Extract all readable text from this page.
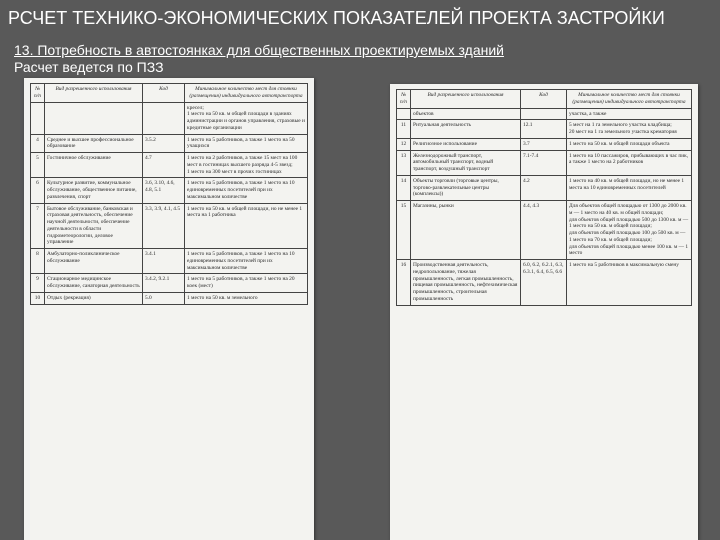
РСЧЕТ ТЕХНИКО-ЭКОНОМИЧЕСКИХ ПОКАЗАТЕЛЕЙ ПРОЕКТА ЗАСТРОЙКИ
13. Потребность в автостоянках для общественных проектируемых зданий
Расчет ведется по ПЗЗ
№ п/п	Вид разрешенного использования	Код	Минимальное количество мест для стоянки (размещения) индивидуального автотранспорта
			кресел;
1 место на 50 кв. м общей площади в зданиях администрации и органов управления, страховые и кредитные организации
4	Среднее и высшее профессиональное образование	3.5.2	1 место на 5 работников, а также 1 место на 50 учащихся
5	Гостиничное обслуживание	4.7	1 место на 2 работников, а также 15 мест на 100 мест в гостиницах высшего разряда 4-5 звезд;
1 место на 300 мест в прочих гостиницах
6	Культурное развитие, коммунальное обслуживание, общественное питание, развлечения, спорт	3.6, 3.10, 4.6, 4.8, 5.1	1 место на 5 работников, а также 1 место на 10 единовременных посетителей при их максимальном количестве
7	Бытовое обслуживание, банковская и страховая деятельность, обеспечение научной деятельности, обеспечение деятельности в области гидрометеорологии, деловое управление	3.3, 3.9, 4.1, 4.5	1 место на 50 кв. м общей площади, но не менее 1 места на 1 работника
8	Амбулаторно-поликлиническое обслуживание	3.4.1	1 место на 5 работников, а также 1 место на 10 единовременных посетителей при их максимальном количестве
9	Стационарное медицинское обслуживание, санаторная деятельность	3.4.2, 9.2.1	1 место на 5 работников, а также 1 место на 20 коек (мест)
10	Отдых (рекреация)	5.0	1 место на 50 кв. м земельного
№ п/п	Вид разрешенного использования	Код	Минимальное количество мест для стоянки (размещения) индивидуального автотранспорта
	объектов		участка, а также
11	Ритуальная деятельность	12.1	5 мест на 1 га земельного участка кладбища;
20 мест на 1 га земельного участка крематория
12	Религиозное использование	3.7	1 место на 50 кв. м общей площади объекта
13	Железнодорожный транспорт, автомобильный транспорт, водный транспорт, воздушный транспорт	7.1-7.4	1 место на 10 пассажиров, прибывающих в час пик, а также 1 место на 2 работников
14	Объекты торговли (торговые центры, торгово-развлекательные центры (комплексы))	4.2	1 место на 40 кв. м общей площади, но не менее 1 места на 10 единовременных посетителей
15	Магазины, рынки	4.4, 4.3	Для объектов общей площадью от 1300 до 2000 кв. м — 1 место на 40 кв. м общей площади;
для объектов общей площадью 500 до 1300 кв. м — 1 место на 50 кв. м общей площади;
для объектов общей площадью 100 до 500 кв. м — 1 место на 70 кв. м общей площади;
для объектов общей площадью менее 100 кв. м — 1 место
16	Производственная деятельность, недропользование, тяжелая промышленность, легкая промышленность, пищевая промышленность, нефтехимическая промышленность, строительная промышленность	6.0, 6.2, 6.2.1, 6.3, 6.3.1, 6.4, 6.5, 6.6	1 место на 5 работников в максимальную смену
